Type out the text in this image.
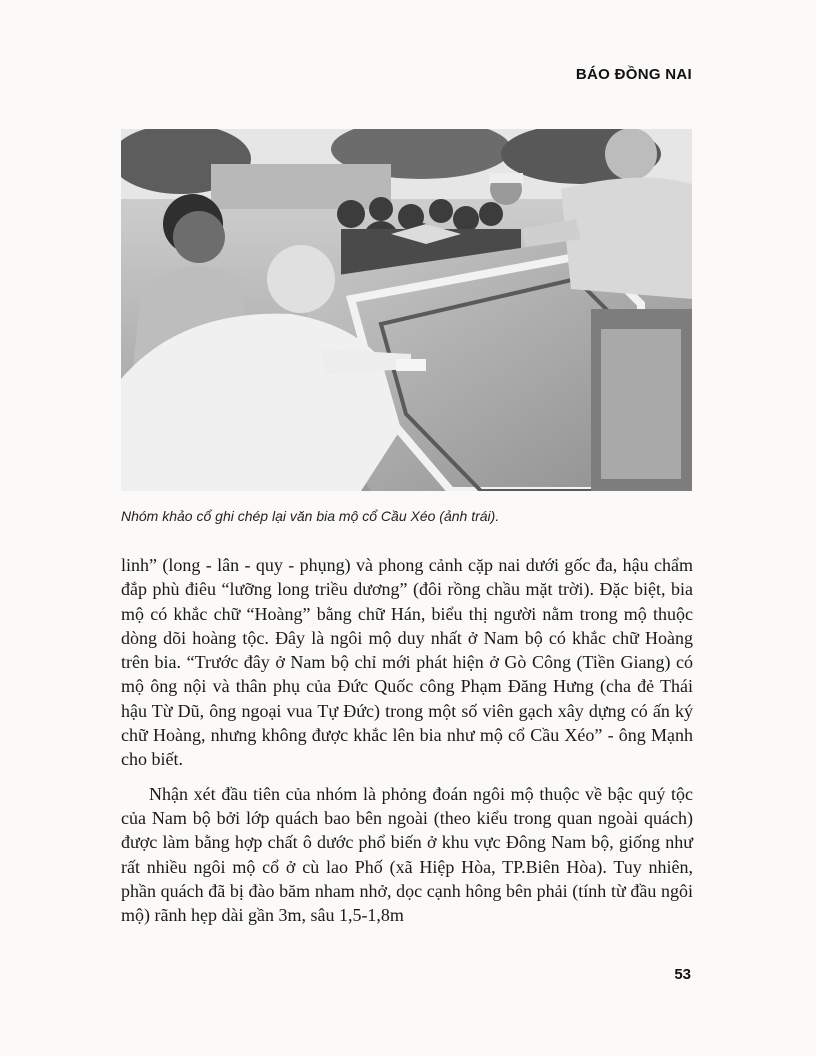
BÁO ĐỒNG NAI
Nhóm khảo cổ ghi chép lại văn bia mộ cổ Cầu Xéo (ảnh trái).

linh” (long - lân - quy - phụng) và phong cảnh cặp nai dưới gốc đa, hậu chẩm đắp phù điêu “lưỡng long triều dương” (đôi rồng chầu mặt trời). Đặc biệt, bia mộ có khắc chữ “Hoàng” bằng chữ Hán, biểu thị người nằm trong mộ thuộc dòng dõi hoàng tộc. Đây là ngôi mộ duy nhất ở Nam bộ có khắc chữ Hoàng trên bia. “Trước đây ở Nam bộ chỉ mới phát hiện ở Gò Công (Tiền Giang) có mộ ông nội và thân phụ của Đức Quốc công Phạm Đăng Hưng (cha đẻ Thái hậu Từ Dũ, ông ngoại vua Tự Đức) trong một số viên gạch xây dựng có ấn ký chữ Hoàng, nhưng không được khắc lên bia như mộ cổ Cầu Xéo” - ông Mạnh cho biết.

Nhận xét đầu tiên của nhóm là phỏng đoán ngôi mộ thuộc về bậc quý tộc của Nam bộ bởi lớp quách bao bên ngoài (theo kiểu trong quan ngoài quách) được làm bằng hợp chất ô dước phổ biến ở khu vực Đông Nam bộ, giống như rất nhiều ngôi mộ cổ ở cù lao Phố (xã Hiệp Hòa, TP.Biên Hòa). Tuy nhiên, phần quách đã bị đào băm nham nhở, dọc cạnh hông bên phải (tính từ đầu ngôi mộ) rãnh hẹp dài gần 3m, sâu 1,5-1,8m

53
